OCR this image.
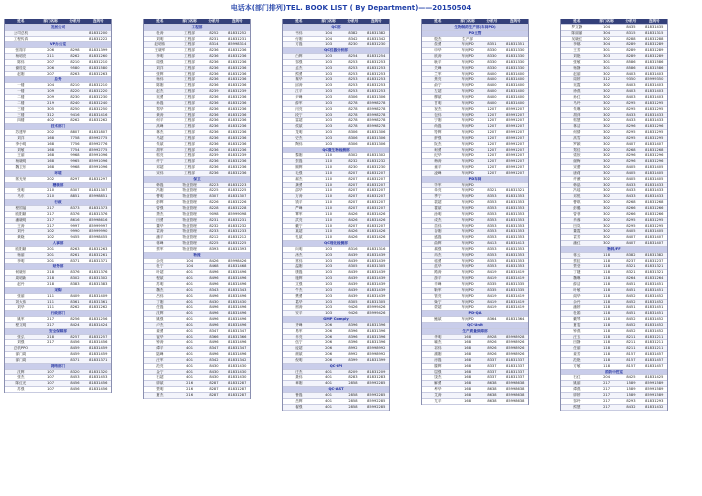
电话本(部门排列)TEL. BOOK LIST ( By Department)——20150504
姓名	部门名称	分机号	直线号
发展公司
公司总机	81831200
工程传真	81831222
VP办公室
张翔宇	206	8298	81831399
杨明亮	211	8262	81831260
陈伟	207	8210	81831210
谢桂花	206	9580	81831580
赵刚	207	8263	81831263
总务
一楼	104	8210	81831210
一楼	109	8220	81831220
二楼	209	8230	81831230
二楼	219	8240	81831240
三楼	305	8250	81831250
三楼	312	9416	81831416
四楼	402	8262	81831262
技术部门
苏建华	202	8807	81831807
刘洋	168	7758	85992775
李小明	168	7756	85992776
刘敏	168	7754	85992775
王丽	168	9968	85991096
杨晓明	168	9965	85991096
魏卫东	168	9968	85991096
环境
郭光荣	202	8297	81831297
稽核部
张明	210	8307	81831307
马东	210	8851	85998851
行政
程国福	217	8373	81831373
欧阳颖	217	8376	81831376
潘晓明	217	8616	85998616
王涛	217	9997	85999997
刘丹	102	9990	85999990
黄晓	102	9455	85998455
人事部
欧阳颖	201	8263	81831263
杨丽	201	8261	81831261
李明	201	8371	81831371
财务部
何晓东	218	8376	81831376
周明新	218	8302	81831302
赵丹	218	8383	81831383
采购
张丽	111	8409	81831409
刘大伟	111	8361	81831361
刘华	111	8262	81831262
行政部门
姚军	217	8256	81831256
程文明	217	8424	81831424
安全保障部
张弘	218	8257	81831257
刘强	217	8456	81831456
总机PPO	8459	81831459
部门周	8459	81831459
部门周	8371	81831371
网络部门
沈辉	107	8320	81831320
张杰	107	8453	81831453
陈红光	107	8456	81831456
苏强	107	8456	81831456
姓名	部门名称	分机号	直线号
工程部
杜涛	工程部	8252	81831252
刘明	工程部	8231	81831231
赵明伟	工程部	8314	85998314
王晓军	工程部	8236	81831236
李明	工程部	8236	81831236
周强	工程部	8236	81831236
刘洋	工程部	8236	81831236
张辉	工程部	8236	81831236
杨伟	工程部	8236	81831236
陈刚	工程部	8236	81831236
赵杰	工程部	8239	81831239
吴勇	工程部	8236	81831236
孙磊	工程部	8236	81831236
郑华	工程部	8236	81831236
黄涛	工程部	8236	81831236
何平	工程部	8236	81831236
高峰	工程部	8236	81831236
林杰	工程部	8236	81831236
马超	工程部	8236	81831236
朱斌	工程部	8236	81831236
胡军	工程部	8236	81831236
郭亮	工程部	8239	81831239
许宁	工程部	8236	81831236
邓超	工程部	8236	81831236
宋伟	工程部	8236	81831236
保卫
韩磊	物业管理	8223	81831223
冯刚	物业管理	8225	81831225
曹明	物业管理	8307	81831307
彭辉	物业管理	8226	81831226
曾强	物业管理	8228	81831228
萧杰	物业管理	9098	85999098
田勇	物业管理	8231	81831231
董华	物业管理	8232	81831232
袁涛	物业管理	8233	81831233
潘平	物业管理	8212	81831212
蒋峰	物业管理	8225	81831225
蔡军	物业管理	8393	81831393
物流
余亮	104	8426	85998426
杜宁	104	8468	81831468
叶超	401	8496	81831496
程斌	401	8496	81831496
苏明	401	8496	81831496
魏杰	401	8343	81831343
吕伟	401	8496	81831496
丁刚	401	8430	81831430
任磊	401	8496	81831496
沈辉	401	8496	81831496
姚强	401	8496	81831496
卢杰	401	8496	81831496
姜勇	401	8347	81831347
崔华	401	8366	81831366
钟涛	401	8496	81831496
谭平	401	8347	81831347
陆峰	401	8496	81831496
汪军	401	8342	81831342
范亮	401	8430	81831430
金宁	401	8430	81831430
石超	401	8430	81831430
廖斌	216	8287	81831287
贾明	216	8287	81831287
夏杰	216	8287	81831287
姓名	部门名称	分机号	直线号
QC部
韦伟	104	8382	81831382
付刚	104	8342	81831342
方磊	103	8230	81831230
QC仪器分析部
白辉	103	8254	81831254
邹强	103	8253	81831253
孟杰	103	8253	81831253
熊勇	103	8253	81831253
秦华	103	8253	81831253
邱涛	103	8253	81831253
江平	103	8253	81831253
尹峰	103	8306	81831306
薛军	103	8278	85998278
闫亮	103	8278	85998278
段宁	103	8278	85998278
雷超	103	8278	85998278
侯斌	103	8278	85998278
龙明	103	8306	81831306
史杰	103	8306	81831306
陶伟	103	8306	81831306
QC微生物检测部
黎刚	110	8302	81831302
贺磊	110	8232	81831232
顾辉	110	8230	81831230
毛强	110	8207	81831207
郝杰	110	8207	81831207
龚勇	110	8207	81831207
邵华	110	8207	81831207
万涛	110	8207	81831207
钱平	110	8207	81831207
严峰	110	8207	81831207
覃军	110	8426	81831426
武亮	110	8426	81831426
戴宁	110	8207	81831207
莫超	110	8426	81831426
孔斌	110	8426	81831426
QC理化检测部
向明	103	8316	81831316
汤杰	103	8439	81831439
常伟	103	8439	81831439
温刚	103	8305	81831305
康磊	103	8439	81831439
施辉	103	8439	81831439
文强	103	8439	81831439
牛杰	103	8439	81831439
樊勇	103	8439	81831439
葛华	103	8305	81831305
邢涛	103	9426	85999426
安平	103	9426	85999426
GMP Comply
齐峰	206	8396	81831396
易军	206	8396	81831396
乔亮	206	8396	81831396
伍宁	206	8396	81831396
庞超	206	8992	85998992
颜斌	206	8992	85998992
倪明	206	8399	81831399
QC-IPI
庄杰	401	8209	81831209
聂伟	401	8283	81831283
章刚	401	2858	85992285
QC-AST
鲁磊	401	2858	85992285
岳辉	401	2858	85992285
翟强	401	2858	85992285
姓名	部门名称	分机号	直线号
生物制药生产部(车间PD)
PD主管
殷杰	生产部
詹勇	车间PD	8351	81831351
申华	车间PD	8330	81831330
欧涛	车间PD	8330	81831330
耿平	车间PD	8330	81831330
关峰	车间PD	8330	81831330
兰军	车间PD	8400	81831400
焦亮	车间PD	8400	81831400
俞宁	车间PD	8400	81831400
左超	车间PD	8400	81831400
柳斌	车间PD	8400	81831400
甘明	车间PD	8400	81831400
祝杰	车间PD	1207	85991207
包伟	车间PD	1207	85991207
宁刚	车间PD	1207	85991207
尚磊	车间PD	1207	85991207
符辉	车间PD	1207	85991207
舒强	车间PD	1207	85991207
阮杰	车间PD	1207	85991207
柯勇	车间PD	1207	85991207
纪华	车间PD	1207	85991207
梅涛	车间PD	1207	85991207
童平	车间PD	1207	85991207
凌峰	车间PD	1207	85991207
PD车间
毕军	车间PD
单亮	车间PD	8321	81831321
季宁	车间PD	8353	81831353
裴超	车间PD	8353	81831353
霍斌	车间PD	8353	81831353
涂明	车间PD	8353	81831353
成杰	车间PD	8353	81831353
苗伟	车间PD	8353	81831353
谷刚	车间PD	8353	81831353
盛磊	车间PD	8353	81831353
曲辉	车间PD	8413	81831413
翁强	车间PD	8353	81831353
冉杰	车间PD	8353	81831353
骆勇	车间PD	8353	81831353
蓝华	车间PD	8353	81831353
路涛	车间PD	8419	81831419
游平	车间PD	8419	81831419
辛峰	车间PD	8335	81831335
靳军	车间PD	8335	81831335
管亮	车间PD	8419	81831419
柴宁	车间PD	8419	81831419
蒙超	车间PD	8419	81831419
PD-QA
鲍斌	车间PD	8364	81831364
QC-Unit
生产质量保障部
华明	168	8928	85998928
喻杰	168	8926	85998926
祁伟	168	8926	85998926
蒲刚	168	8926	85998926
房磊	168	8337	81831337
滕辉	168	8337	81831337
屈强	168	8337	81831337
饶杰	168	8337	81831337
解勇	168	8638	85998638
牟华	168	8638	85998638
艾涛	168	8638	85998638
尤平	168	8638	85998638
姓名	部门名称	分机号	直线号
罗文静	104	8435	81831435
陈丽丽	304	8315	81831315
吴晓红	302	8288	81831288
李娜	304	8289	81831289
王芳	301	8289	81831289
刘艳	303	8289	81831289
张敏	301	8586	81831586
杨静	301	8586	81831586
赵丽	302	8403	81831403
周婷	312	9350	85999350
吴霞	302	8403	81831403
徐燕	302	8403	81831403
孙红	302	8403	81831403
马玲	302	8295	81831295
朱琳	302	8295	81831295
胡萍	302	8433	81831433
郭慧	302	8433	81831433
林洁	302	8296	81831296
何倩	302	8295	81831295
高雪	302	8295	81831295
罗颖	302	8407	81831407
郑佳	302	8268	81831268
梁欣	302	8296	81831296
谢梅	302	8296	81831296
宋蕾	302	8405	81831405
唐莉	302	8405	81831405
许薇	302	8405	81831405
韩晶	302	8433	81831433
冯瑶	302	8433	81831433
邓悦	302	8433	81831433
曹琪	302	8268	81831268
彭璐	302	8266	81831266
曾菲	302	8266	81831266
肖蓉	302	8295	81831295
田岚	302	8295	81831295
董霞	302	8405	81831405
袁芳	302	8407	81831407
潘红	302	8407	81831407
物料/FF
蒋云	118	8382	81831382
蔡虹	118	8237	81831237
贾莹	118	8321	81831321
丁婕	118	8321	81831321
魏琳	118	8264	81831264
薛洁	118	8451	81831451
叶敏	118	8451	81831451
阎华	118	8452	81831452
余丹	118	8452	81831452
潘婷	118	8451	81831451
杜娟	118	8451	81831451
戴琴	118	8452	81831452
夏雯	118	8452	81831452
钟燕	118	8452	81831452
汪玉	118	8211	81831211
田静	118	8211	81831211
任丽	118	8211	81831211
姜芳	118	8157	81831457
范艳	118	8157	81831457
方敏	118	8157	81831457
消防中控室
石红	204	8425	81831425
姚丽	217	1589	85991589
谭燕	217	1589	85991589
廖婷	217	1589	85991589
邹玲	217	8293	81831293
熊慧	217	8432	81831432
